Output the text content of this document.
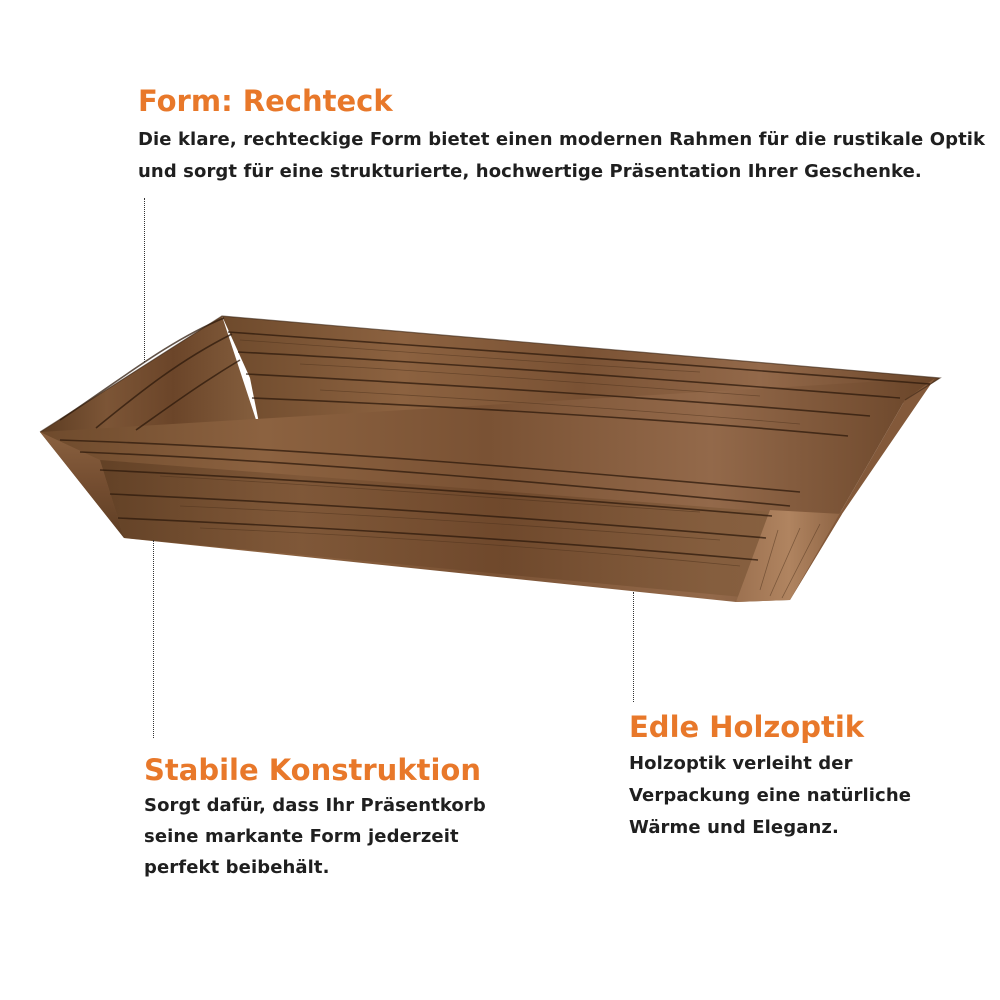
Form: Rechteck

Die klare, rechteckige Form bietet einen modernen Rahmen für die rustikale Optik
und sorgt für eine strukturierte, hochwertige Präsentation Ihrer Geschenke.

Stabile Konstruktion

Sorgt dafür, dass Ihr Präsentkorb
seine markante Form jederzeit
perfekt beibehält.

Edle Holzoptik

Holzoptik verleiht der
Verpackung eine natürliche
Wärme und Eleganz.
